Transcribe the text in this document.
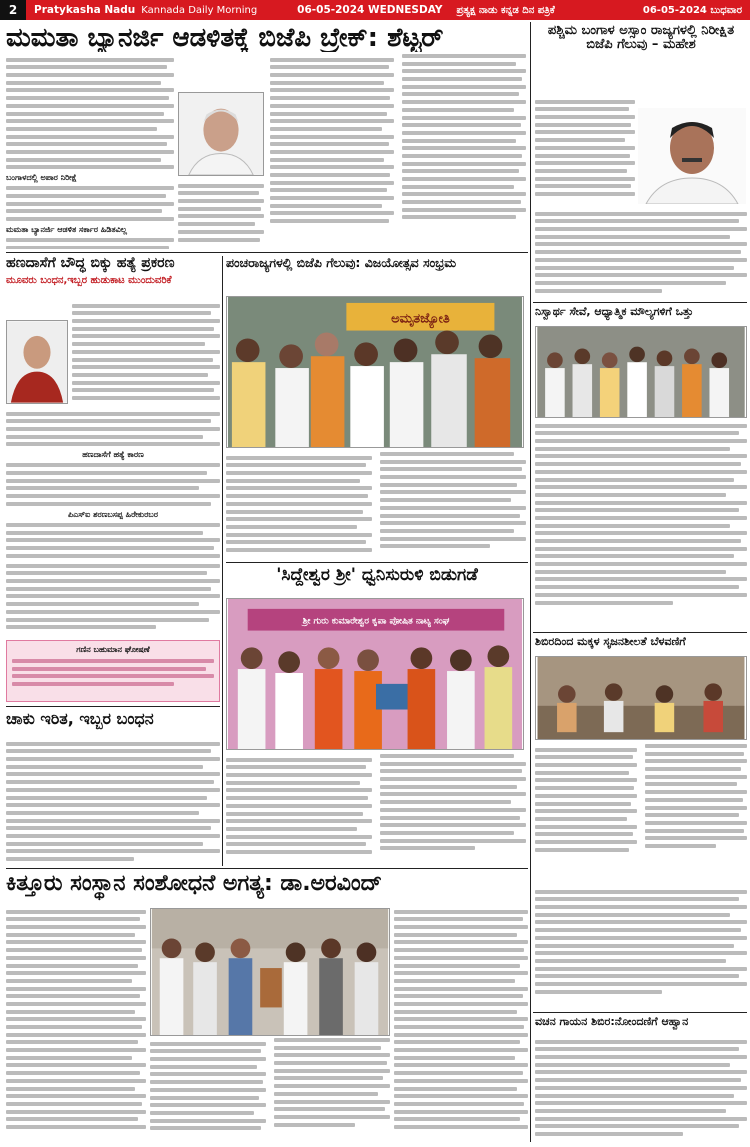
2	Pratykasha Nadu Kannada Daily Morning	06-05-2024 WEDNESDAY ಪ್ರತ್ಯಕ್ಷ ನಾಡು ಕನ್ನಡ ದಿನ ಪತ್ರಿಕೆ	06-05-2024 ಬುಧವಾರ
ಮಮತಾ ಬ್ಯಾನರ್ಜಿ ಆಡಳಿತಕ್ಕೆ ಬಿಜೆಪಿ ಬ್ರೇಕ್: ಶೆಟ್ಟರ್
ಬಂಗಾಳದಲ್ಲಿ ಅಪಾರ ನಿರೀಕ್ಷೆ
ಮಮತಾ ಬ್ಯಾನರ್ಜಿ ಆಡಳಿತ ಸರ್ಕಾರ ಹಿಡಿತವಿಲ್ಲ
ಪಶ್ಚಿಮ ಬಂಗಾಳ ಅಸ್ಸಾಂ ರಾಜ್ಯಗಳಲ್ಲಿ ನಿರೀಕ್ಷಿತ ಬಿಜೆಪಿ ಗೆಲುವು – ಮಹೇಶ
ಹಣದಾಸೆಗೆ ಬೌದ್ಧ ಬಿಕ್ಕು ಹತ್ಯೆ ಪ್ರಕರಣ
ಮೂವರು ಬಂಧನ,ಇಬ್ಬರ ಹುಡುಕಾಟ ಮುಂದುವರಿಕೆ
ಹಣದಾಸೆಗೆ ಹತ್ಯೆ ಕಾರಣ
ಪಿಎಸ್‌ಐ ಶರಣಬಸಪ್ಪ ಹಿರೇಕುರಬರ
ಗಣಿನ ಬಹುಮಾನ ಘೋಷಣೆ
ಪಂಚರಾಜ್ಯಗಳಲ್ಲಿ ಬಿಜೆಪಿ ಗೆಲುವು: ವಿಜಯೋತ್ಸವ ಸಂಭ್ರಮ
ಅಮೃತಜ್ಯೋತಿ
ನಿಸ್ವಾರ್ಥ ಸೇವೆ, ಆಧ್ಯಾತ್ಮಿಕ ಮೌಲ್ಯಗಳಿಗೆ ಒತ್ತು
ಶಿಬಿರದಿಂದ ಮಕ್ಕಳ ಸೃಜನಶೀಲತೆ ಬೆಳವಣಿಗೆ
ಚಾಕು ಇರಿತ, ಇಬ್ಬರ ಬಂಧನ
'ಸಿದ್ದೇಶ್ವರ ಶ್ರೀ' ಧ್ವನಿಸುರುಳಿ ಬಿಡುಗಡೆ
ಶ್ರೀ ಗುರು ಕುಮಾರೇಶ್ವರ ಕೃಪಾ ಪೋಷಿತ ನಾಟ್ಯ ಸಂಘ
ಕಿತ್ತೂರು ಸಂಸ್ಥಾನ ಸಂಶೋಧನೆ ಅಗತ್ಯ: ಡಾ.ಅರವಿಂದ್
ವಚನ ಗಾಯನ ಶಿಬಿರ:ನೋಂದಣಿಗೆ ಆಹ್ವಾನ
